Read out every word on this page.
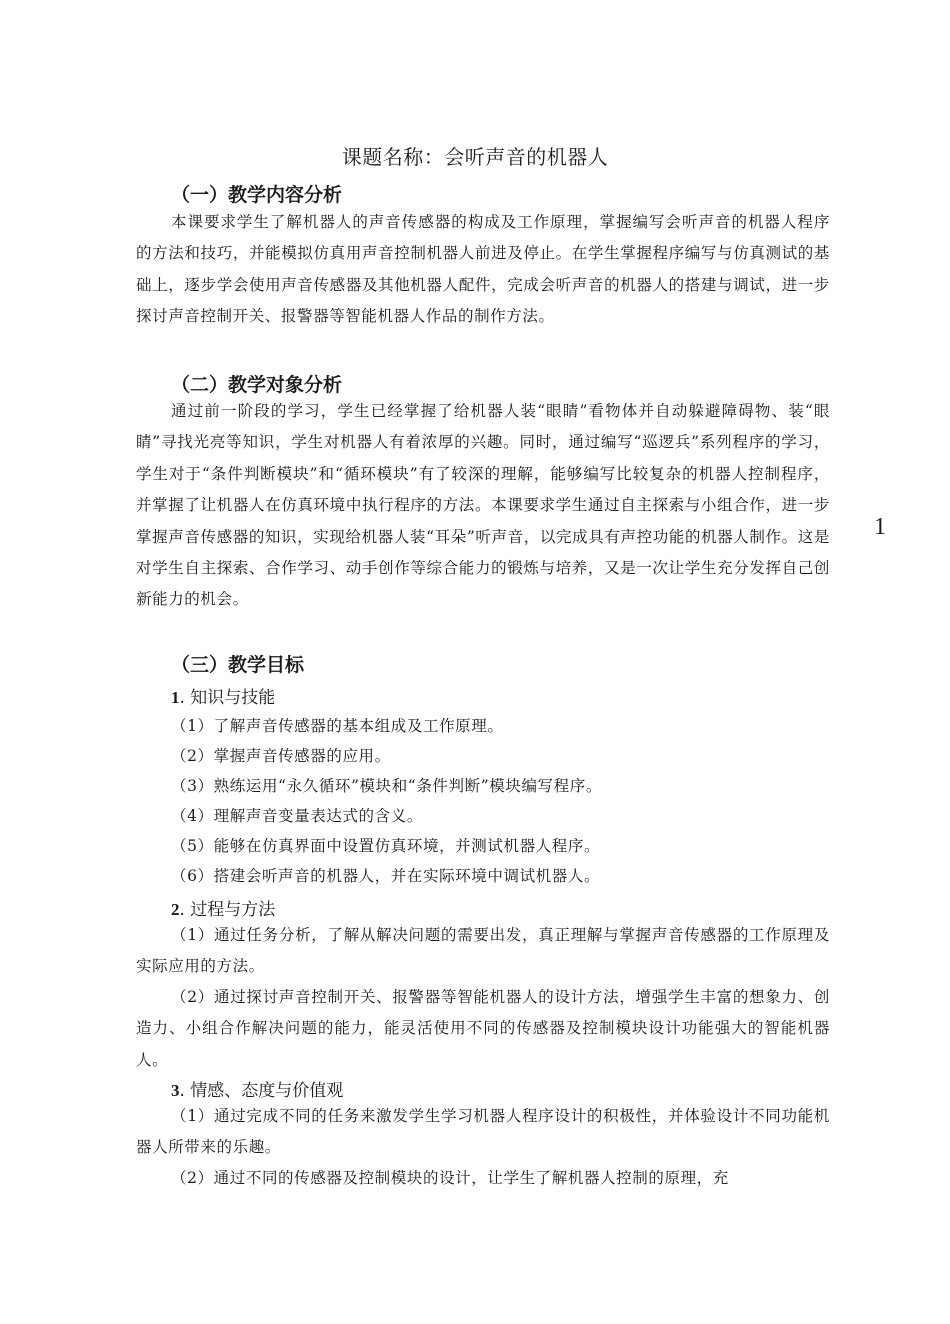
课题名称：会听声音的机器人
1
（一）教学内容分析

本课要求学生了解机器人的声音传感器的构成及工作原理，掌握编写会听声音的机器人程序的方法和技巧，并能模拟仿真用声音控制机器人前进及停止。在学生掌握程序编写与仿真测试的基础上，逐步学会使用声音传感器及其他机器人配件，完成会听声音的机器人的搭建与调试，进一步探讨声音控制开关、报警器等智能机器人作品的制作方法。

（二）教学对象分析

通过前一阶段的学习，学生已经掌握了给机器人装“眼睛”看物体并自动躲避障碍物、装“眼睛”寻找光亮等知识，学生对机器人有着浓厚的兴趣。同时，通过编写“巡逻兵”系列程序的学习，学生对于“条件判断模块”和“循环模块”有了较深的理解，能够编写比较复杂的机器人控制程序，并掌握了让机器人在仿真环境中执行程序的方法。本课要求学生通过自主探索与小组合作，进一步掌握声音传感器的知识，实现给机器人装“耳朵”听声音，以完成具有声控功能的机器人制作。这是对学生自主探索、合作学习、动手创作等综合能力的锻炼与培养，又是一次让学生充分发挥自己创新能力的机会。

（三）教学目标
1. 知识与技能
（1）了解声音传感器的基本组成及工作原理。
（2）掌握声音传感器的应用。
（3）熟练运用“永久循环”模块和“条件判断”模块编写程序。
（4）理解声音变量表达式的含义。
（5）能够在仿真界面中设置仿真环境，并测试机器人程序。
（6）搭建会听声音的机器人，并在实际环境中调试机器人。
2. 过程与方法

（1）通过任务分析，了解从解决问题的需要出发，真正理解与掌握声音传感器的工作原理及实际应用的方法。

（2）通过探讨声音控制开关、报警器等智能机器人的设计方法，增强学生丰富的想象力、创造力、小组合作解决问题的能力，能灵活使用不同的传感器及控制模块设计功能强大的智能机器人。

3. 情感、态度与价值观

（1）通过完成不同的任务来激发学生学习机器人程序设计的积极性，并体验设计不同功能机器人所带来的乐趣。

（2）通过不同的传感器及控制模块的设计，让学生了解机器人控制的原理，充
